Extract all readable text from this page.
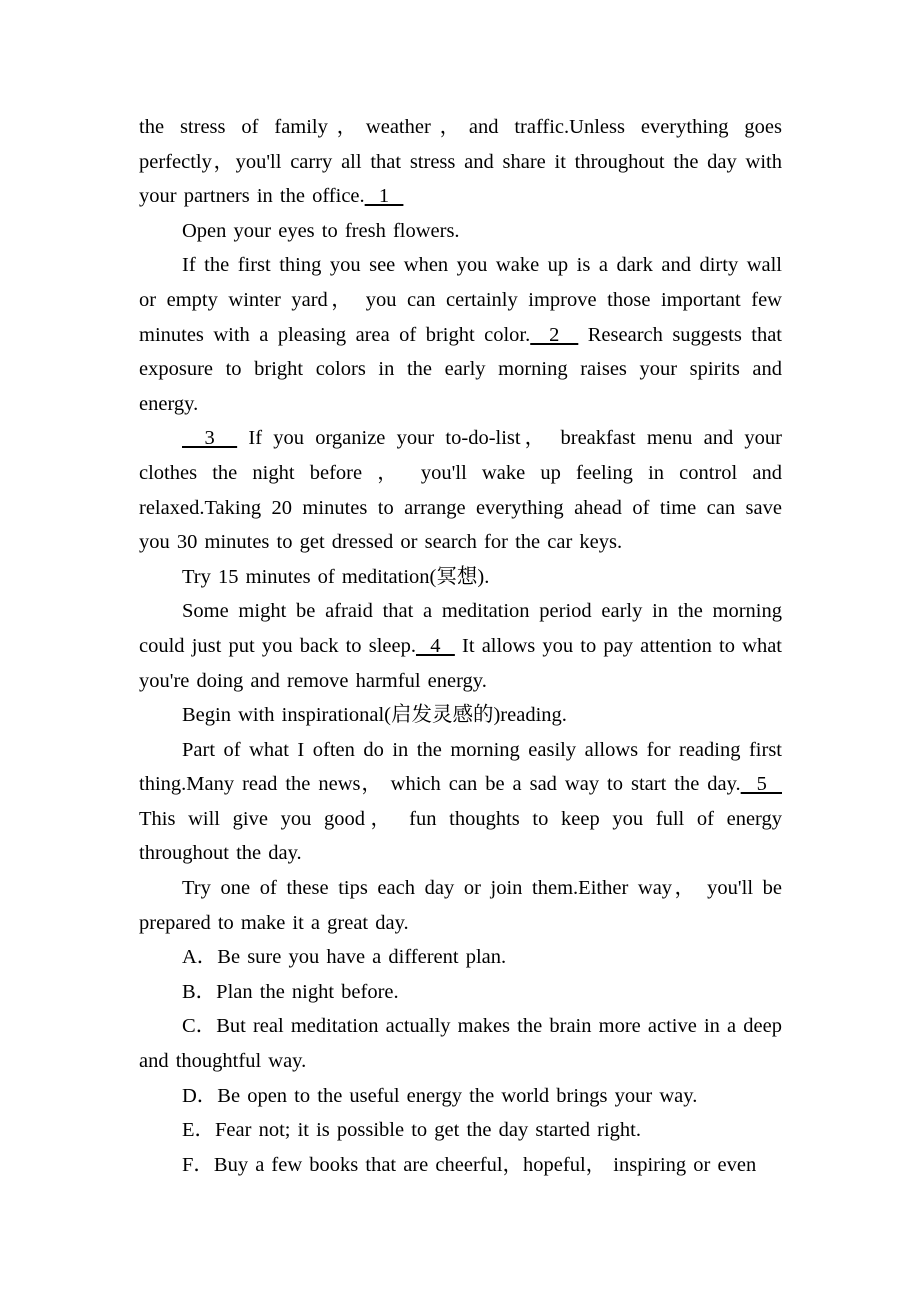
the stress of family，weather，and traffic.Unless everything goes perfectly，you'll carry all that stress and share it throughout the day with your partners in the office.  1

Open your eyes to fresh flowers.

If the first thing you see when you wake up is a dark and dirty wall or empty winter yard， you can certainly improve those important few minutes with a pleasing area of bright color.  2   Research suggests that exposure to bright colors in the early morning raises your spirits and energy.

3   If you organize your to-do-list， breakfast menu and your clothes the night before ， you'll wake up feeling in control and relaxed.Taking 20 minutes to arrange everything ahead of time can save you 30 minutes to get dressed or search for the car keys.

Try 15 minutes of meditation(冥想).

Some might be afraid that a meditation period early in the morning could just put you back to sleep.  4   It allows you to pay attention to what you're doing and remove harmful energy.

Begin with inspirational(启发灵感的)reading.

Part of what I often do in the morning easily allows for reading first thing.Many read the news， which can be a sad way to start the day.  5   This will give you good， fun thoughts to keep you full of energy throughout the day.

Try one of these tips each day or join them.Either way， you'll be prepared to make it a great day.

A．Be sure you have a different plan.

B．Plan the night before.

C．But real meditation actually makes the brain more active in a deep and thoughtful way.

D．Be open to the useful energy the world brings your way.

E．Fear not; it is possible to get the day started right.

F．Buy a few books that are cheerful，hopeful， inspiring or even
